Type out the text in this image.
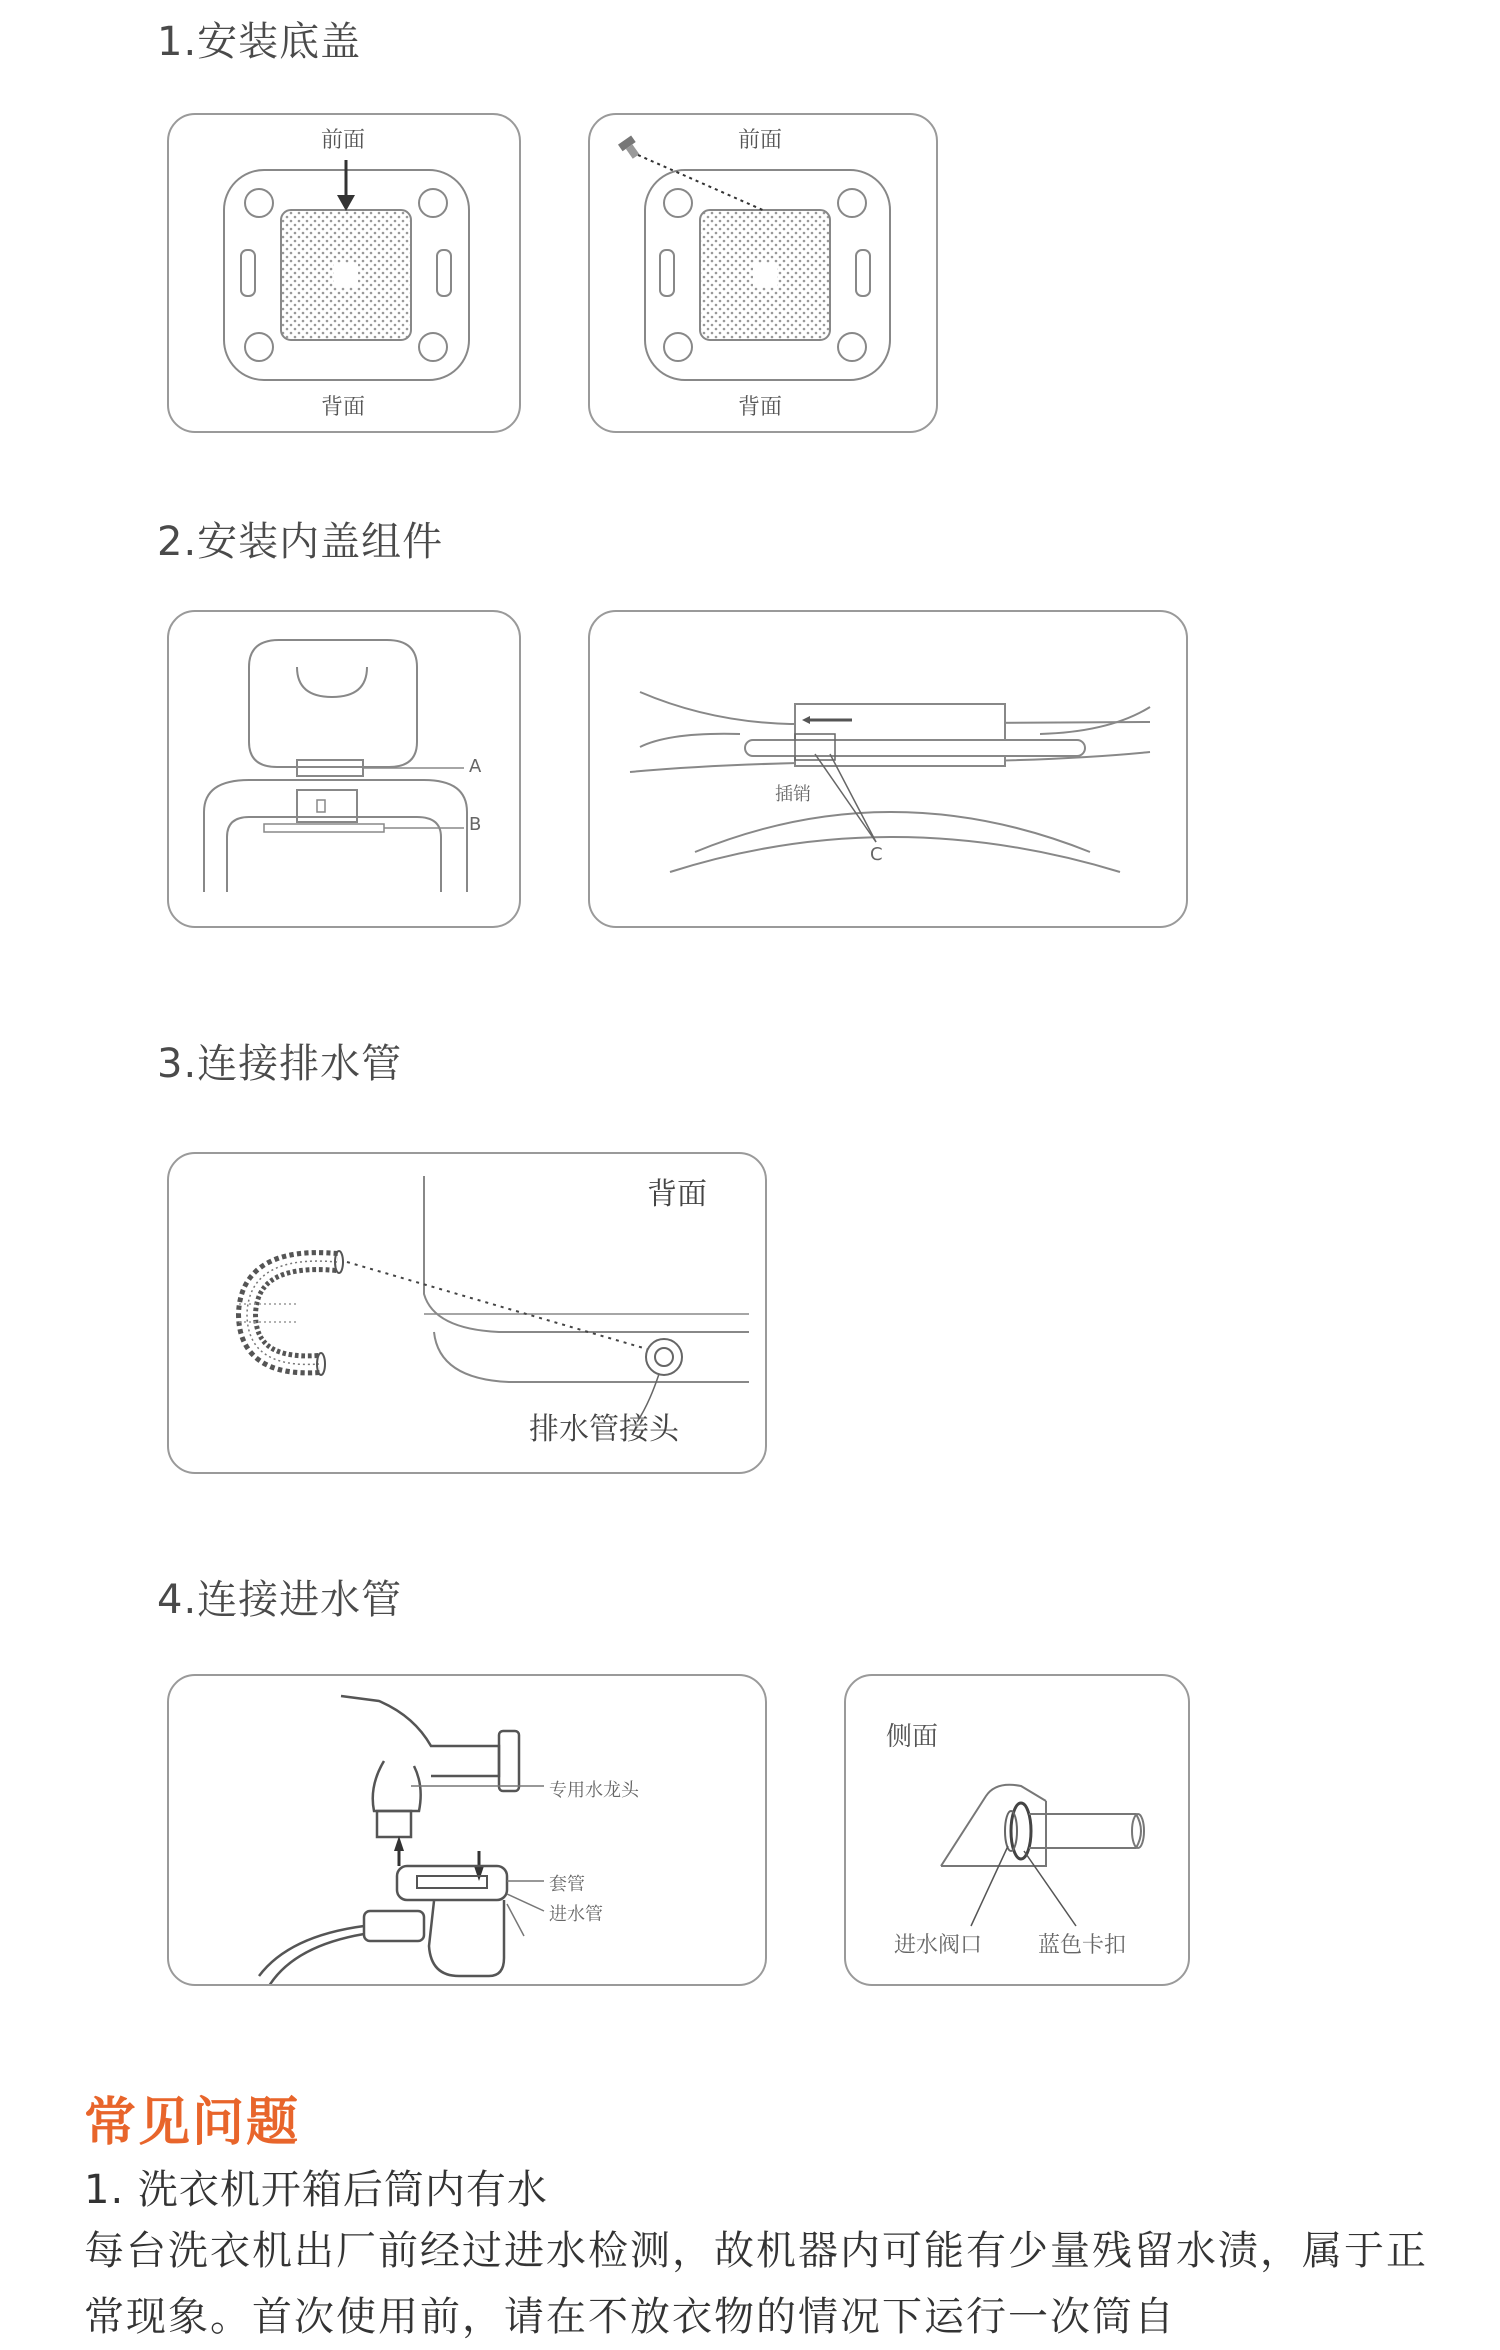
1.安装底盖
前面
背面
前面
背面
2.安装内盖组件
A
B
插销
C
3.连接排水管
背面
排水管接头
4.连接进水管
专用水龙头
套管
进水管
侧面
进水阀口	蓝色卡扣
常见问题
1. 洗衣机开箱后筒内有水
每台洗衣机出厂前经过进水检测，故机器内可能有少量残留水渍，属于正常现象。首次使用前，请在不放衣物的情况下运行一次筒自
